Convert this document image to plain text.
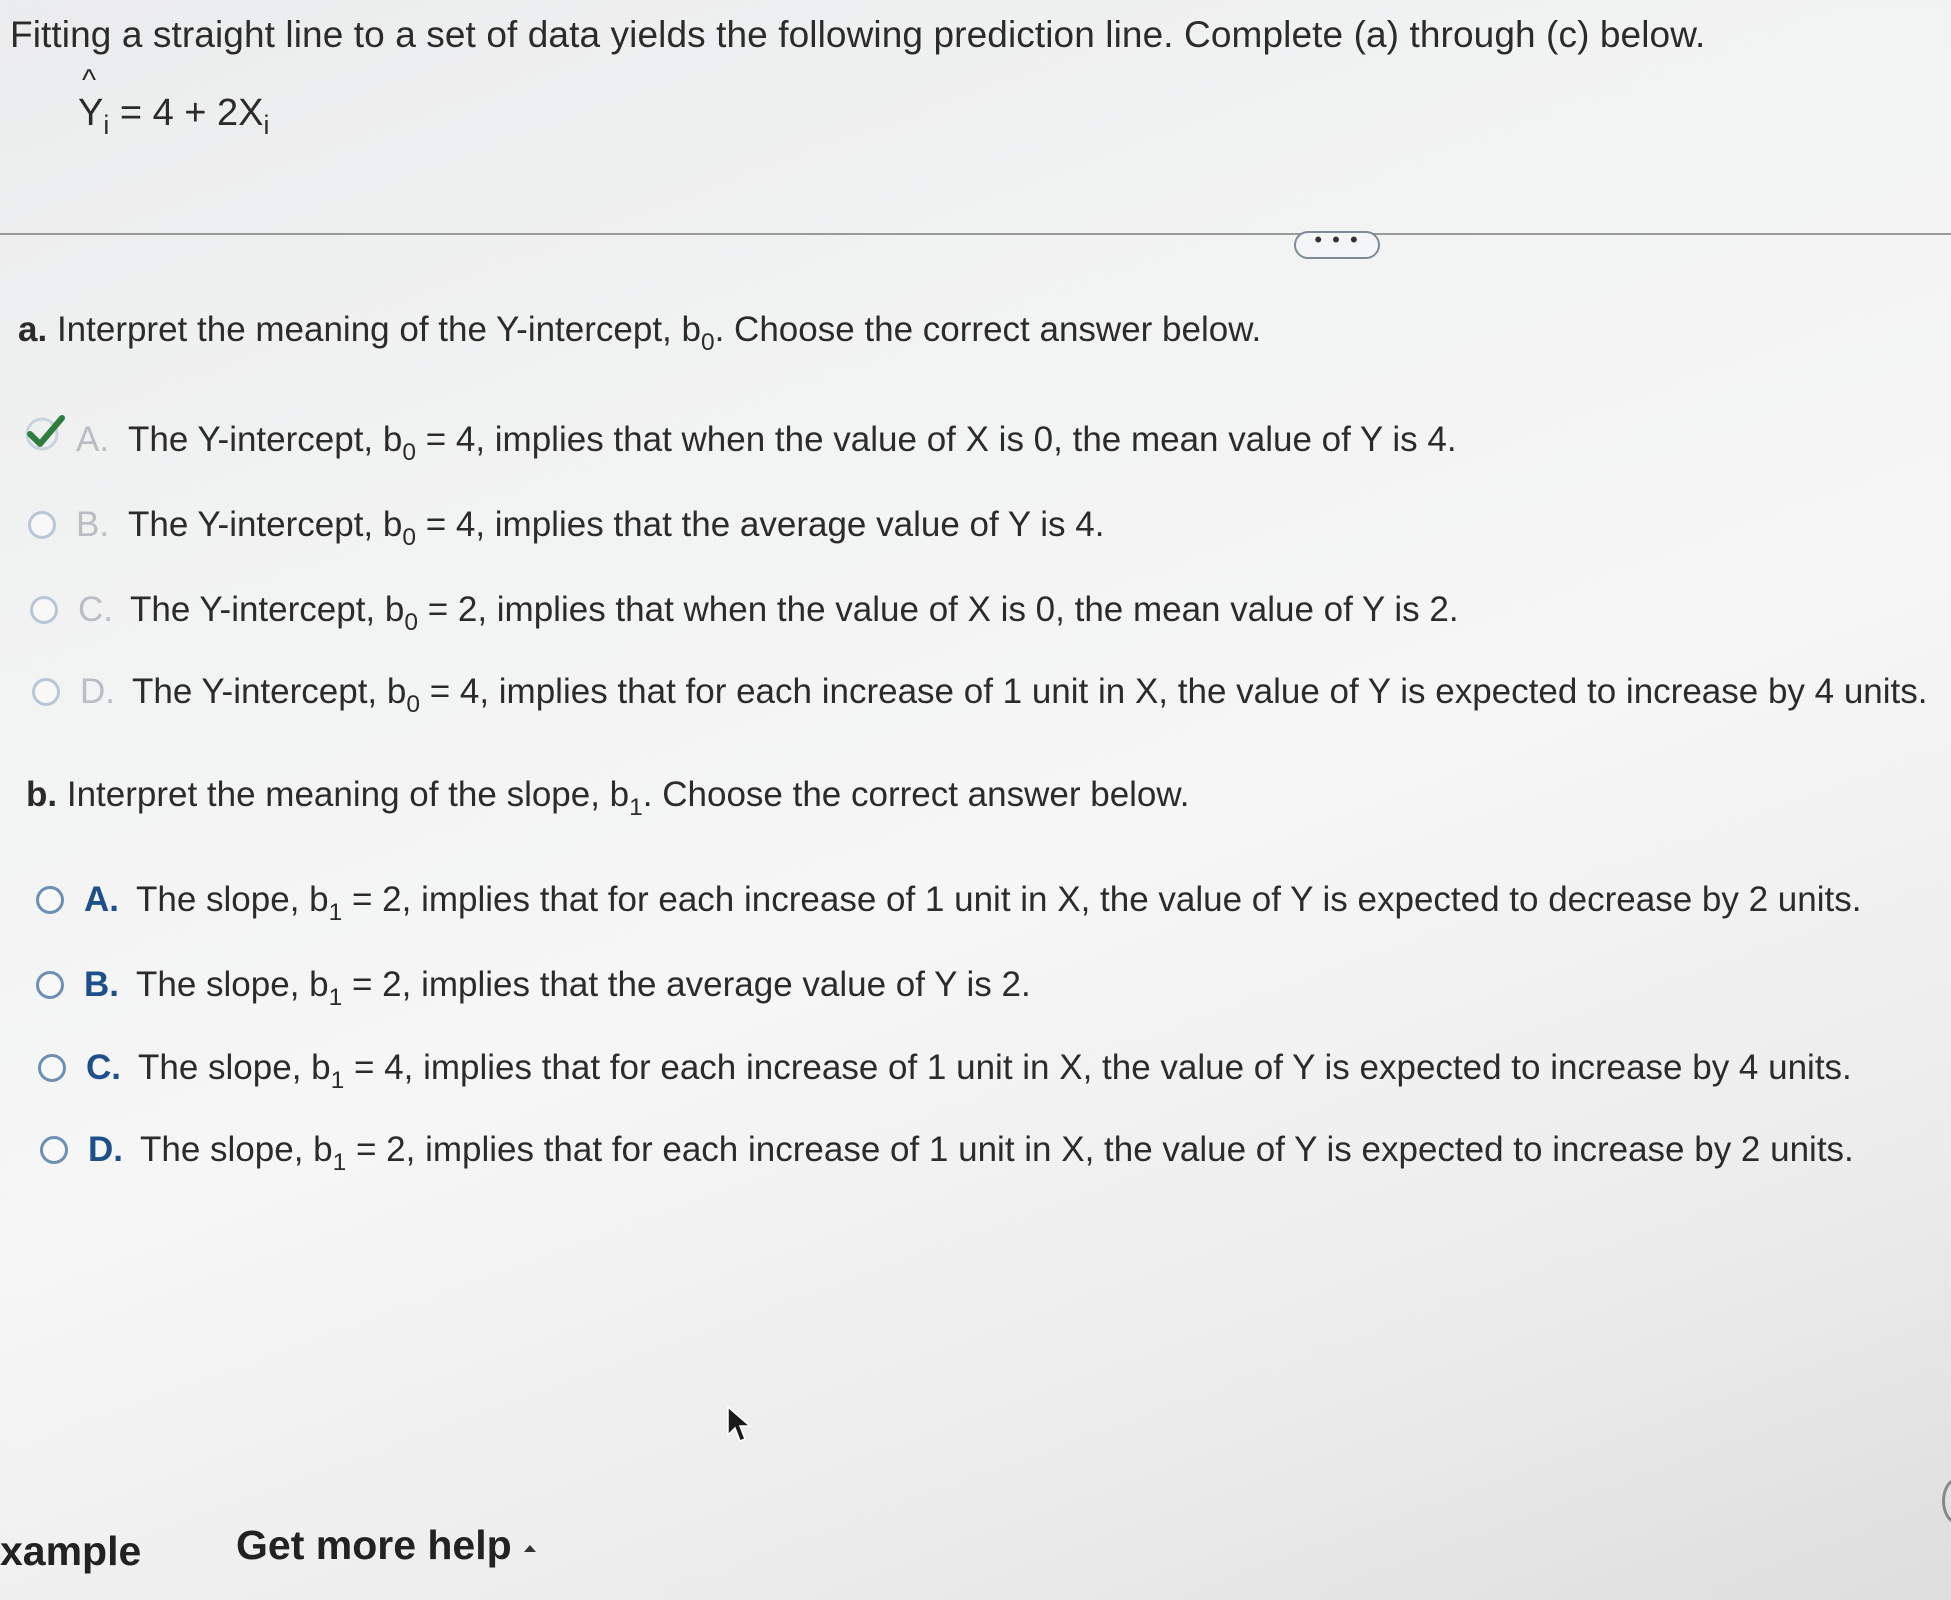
Fitting a straight line to a set of data yields the following prediction line. Complete (a) through (c) below.
^
$Y_i = 4 + 2X_i$
• • •
a. Interpret the meaning of the Y-intercept, $b_0$. Choose the correct answer below.
A. The Y-intercept, $b_0 = 4$, implies that when the value of X is 0, the mean value of Y is 4.
B. The Y-intercept, $b_0 = 4$, implies that the average value of Y is 4.
C. The Y-intercept, $b_0 = 2$, implies that when the value of X is 0, the mean value of Y is 2.
D. The Y-intercept, $b_0 = 4$, implies that for each increase of 1 unit in X, the value of Y is expected to increase by 4 units.
b. Interpret the meaning of the slope, $b_1$. Choose the correct answer below.
A. The slope, $b_1 = 2$, implies that for each increase of 1 unit in X, the value of Y is expected to decrease by 2 units.
B. The slope, $b_1 = 2$, implies that the average value of Y is 2.
C. The slope, $b_1 = 4$, implies that for each increase of 1 unit in X, the value of Y is expected to increase by 4 units.
D. The slope, $b_1 = 2$, implies that for each increase of 1 unit in X, the value of Y is expected to increase by 2 units.
xample Get more help
